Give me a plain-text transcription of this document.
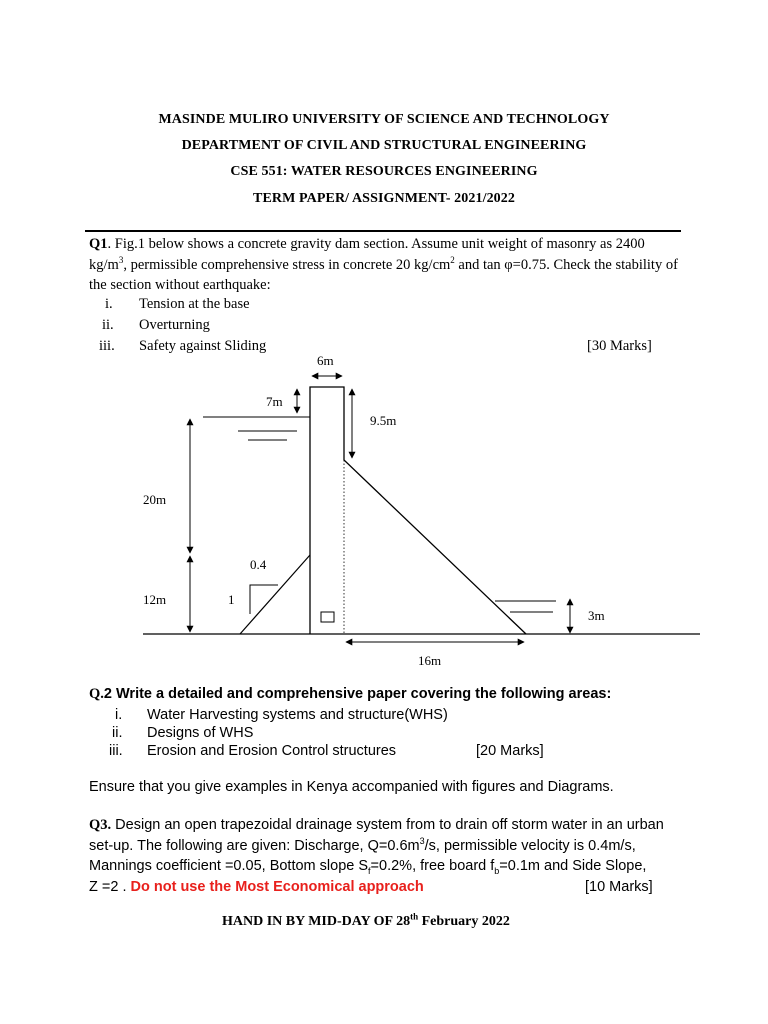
MASINDE MULIRO UNIVERSITY OF SCIENCE AND TECHNOLOGY
DEPARTMENT OF CIVIL AND STRUCTURAL ENGINEERING
CSE 551: WATER RESOURCES ENGINEERING
TERM PAPER/ ASSIGNMENT- 2021/2022
Q1. Fig.1 below shows a concrete gravity dam section. Assume unit weight of masonry as 2400 $kg/m^3$, permissible comprehensive stress in concrete 20 $kg/cm^2$ and tan φ=0.75. Check the stability of the section without earthquake:
i. Tension at the base
ii. Overturning
iii. Safety against Sliding	[30 Marks]
6m
7m
9.5m
20m
0.4
1
12m
3m
16m
Q.2 Write a detailed and comprehensive paper covering the following areas:
i. Water Harvesting systems and structure(WHS)
ii. Designs of WHS
iii. Erosion and Erosion Control structures	[20 Marks]
Ensure that you give examples in Kenya accompanied with figures and Diagrams.
Q3. Design an open trapezoidal drainage system from to drain off storm water in an urban
set-up. The following are given: Discharge, $Q=0.6m^3/s$, permissible velocity is 0.4m/s,
Mannings coefficient =0.05, Bottom slope $S_f=0.2\%$, free board $f_b=0.1m$ and Side Slope,
Z =2 . Do not use the Most Economical approach	[10 Marks]
HAND IN BY MID-DAY OF 28th February 2022
